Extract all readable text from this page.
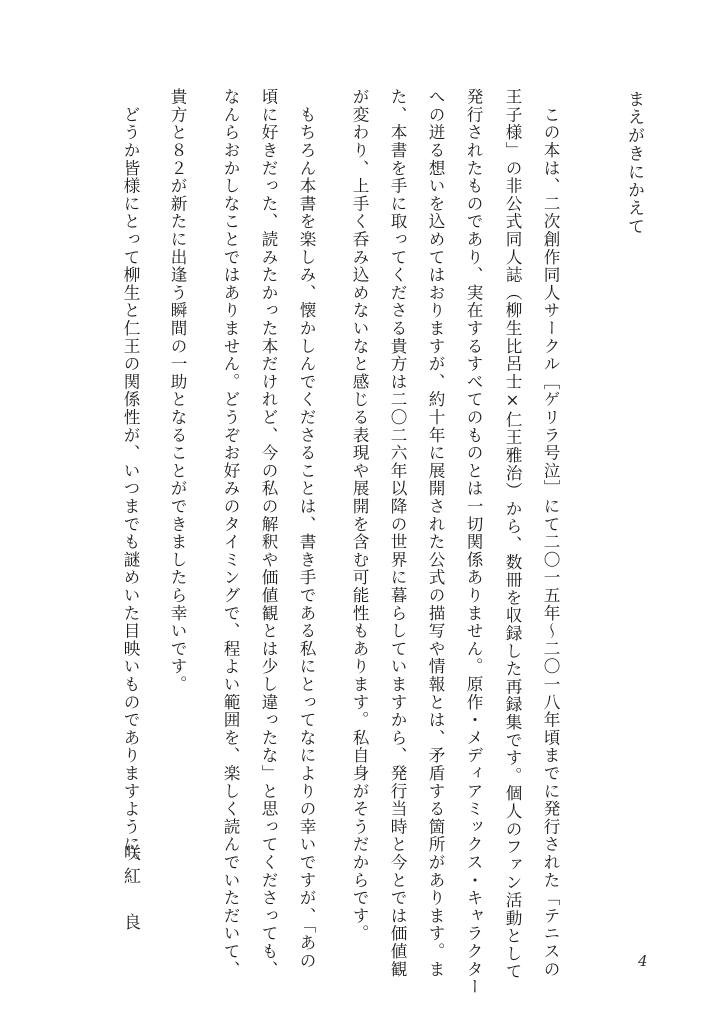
まえがきにかえて
　この本は、二次創作同人サークル［ゲリラ号泣］にて二〇一五年〜二〇一八年頃までに発行された「テニスの
王子様」の非公式同人誌（柳生比呂士×仁王雅治）から、数冊を収録した再録集です。個人のファン活動として
発行されたものであり、実在するすべてのものとは一切関係ありません。原作・メディアミックス・キャラクター
への迸る想いを込めてはおりますが、約十年に展開された公式の描写や情報とは、矛盾する箇所があります。ま
た、本書を手に取ってくださる貴方は二〇二六年以降の世界に暮らしていますから、発行当時と今とでは価値観
が変わり、上手く呑み込めないなと感じる表現や展開を含む可能性もあります。私自身がそうだからです。
　もちろん本書を楽しみ、懐かしんでくださることは、書き手である私にとってなによりの幸いですが、「あの
頃に好きだった、読みたかった本だけれど、今の私の解釈や価値観とは少し違ったな」と思ってくださっても、
なんらおかしなことではありません。どうぞお好みのタイミングで、程よい範囲を、楽しく読んでいただいて、
貴方と８２が新たに出逢う瞬間の一助となることができましたら幸いです。
　どうか皆様にとって柳生と仁王の関係性が、いつまでも謎めいた目映いものでありますように。
咲紅　良
4
